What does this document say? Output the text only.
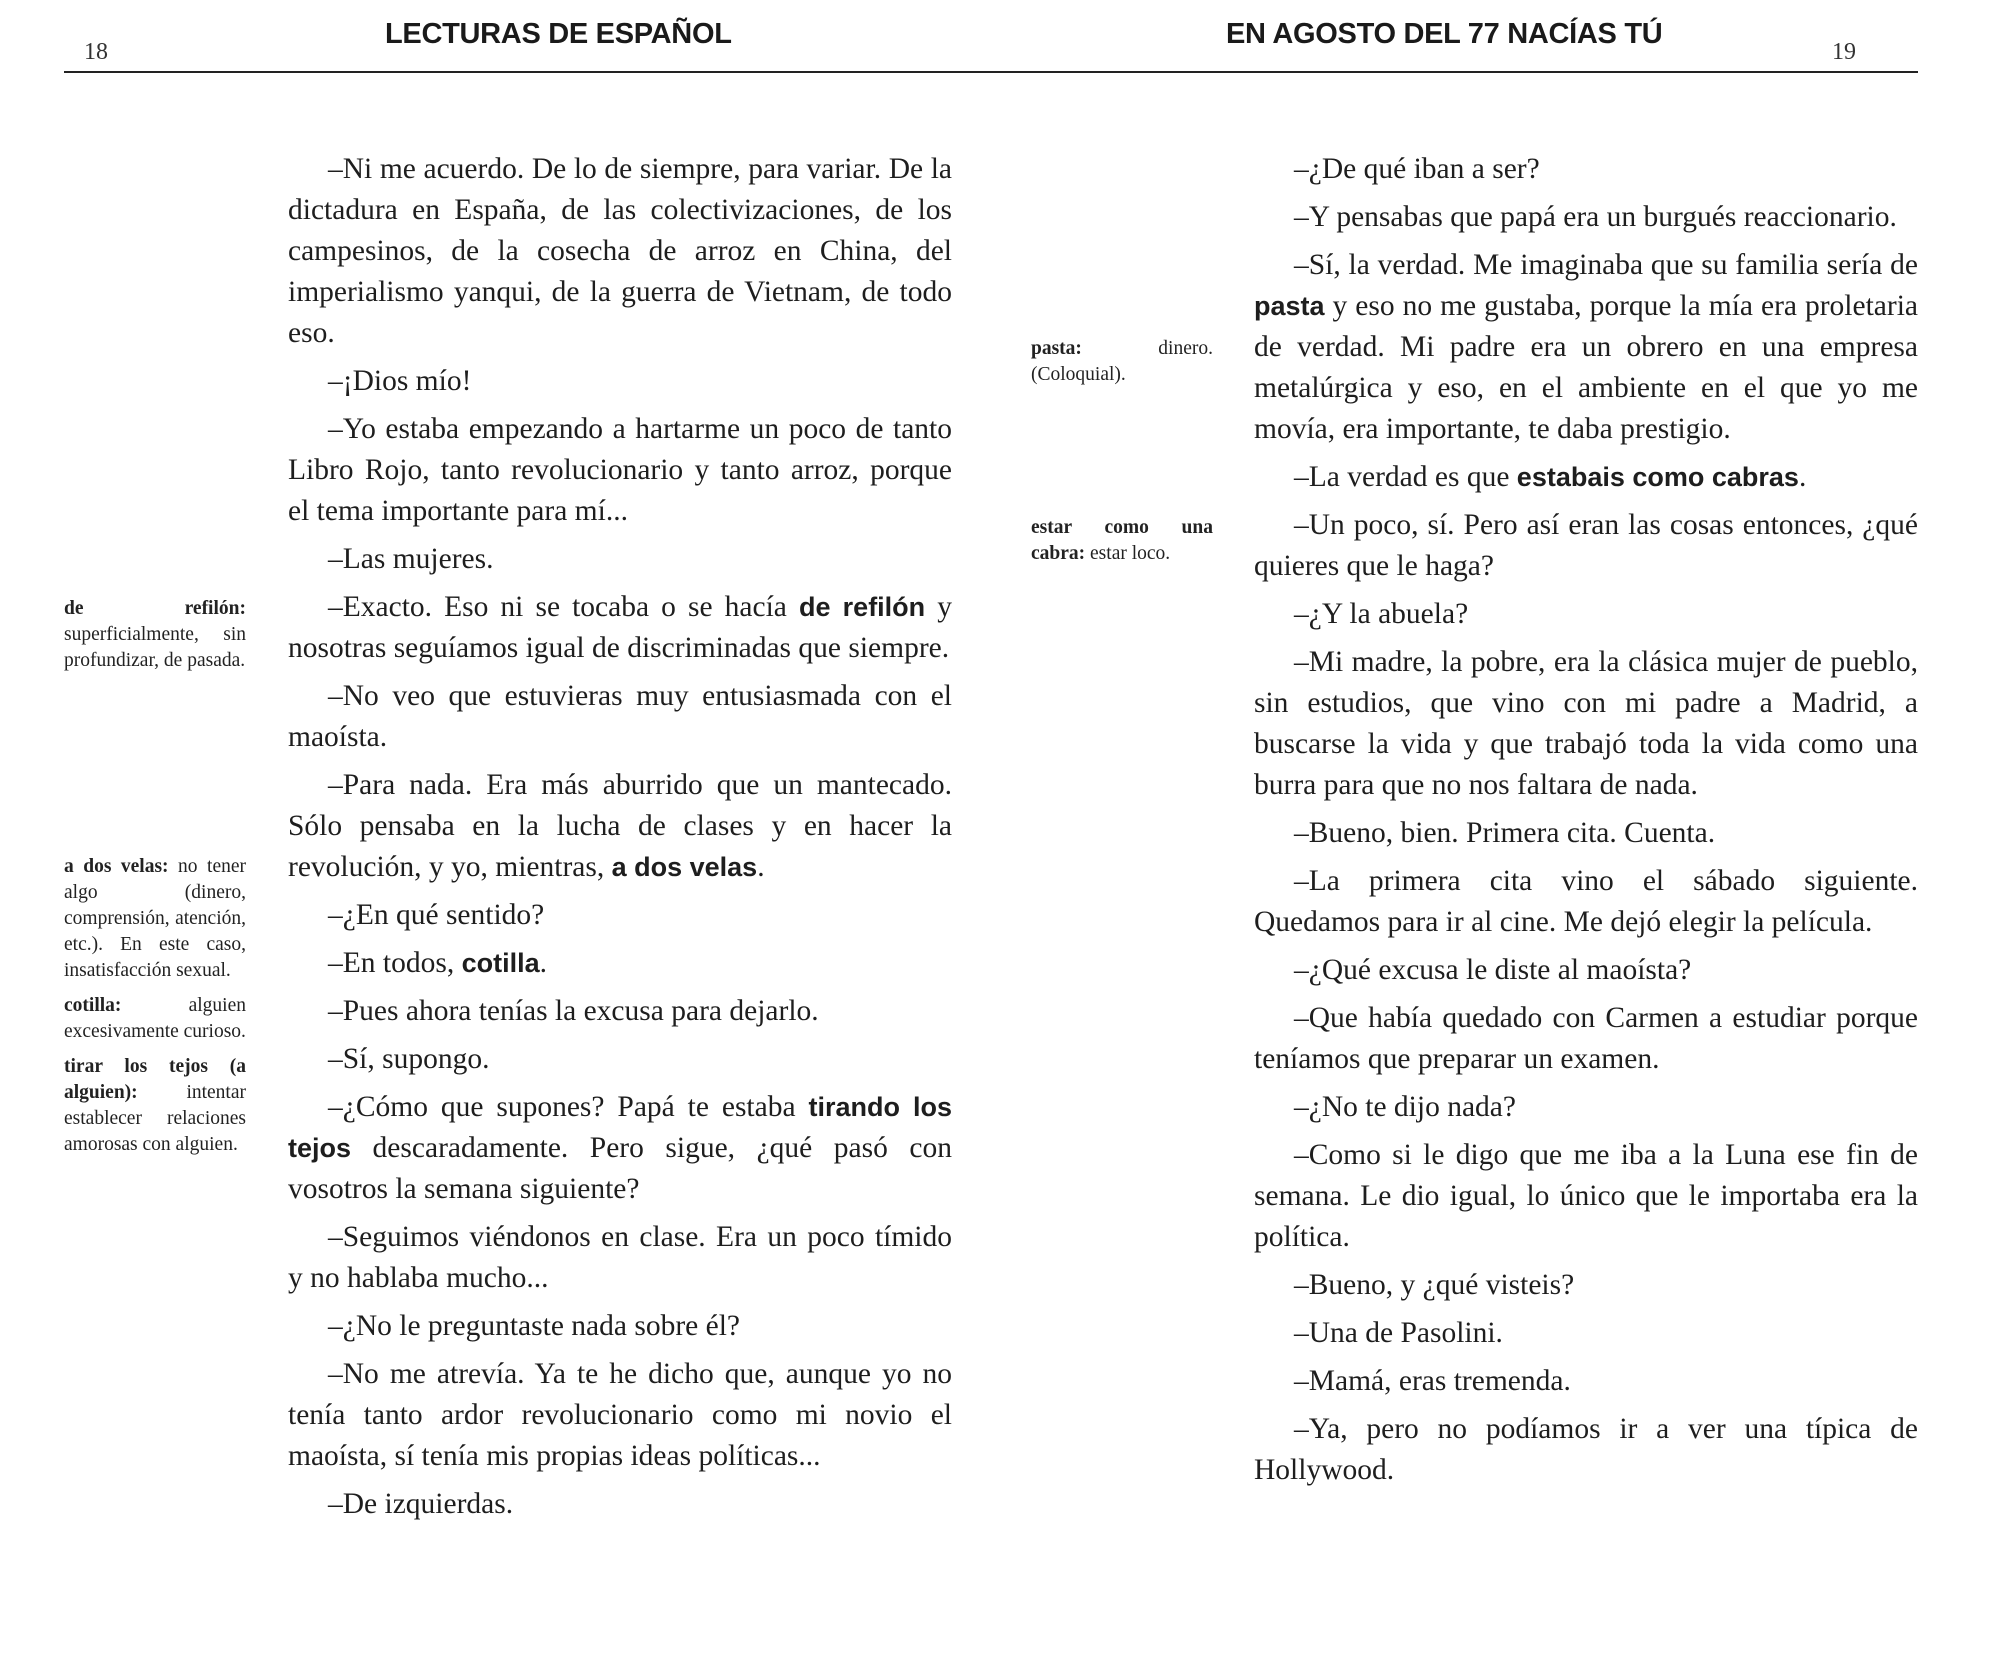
18
LECTURAS DE ESPAÑOL

de refilón: superficialmente, sin profundizar, de pasada.

a dos velas: no tener algo (dinero, comprensión, atención, etc.). En este caso, insatisfacción sexual.

cotilla:	alguien excesivamente curioso.

tirar los tejos (a alguien):	intentar establecer relaciones amorosas con alguien.

–Ni me acuerdo. De lo de siempre, para variar. De la dictadura en España, de las colectivizaciones, de los campesinos, de la cosecha de arroz en China, del imperialismo yanqui, de la guerra de Vietnam, de todo eso.

–¡Dios mío!

–Yo estaba empezando a hartarme un poco de tanto Libro Rojo, tanto revolucionario y tanto arroz, porque el tema importante para mí...

–Las mujeres.

–Exacto. Eso ni se tocaba o se hacía de refilón y nosotras seguíamos igual de discriminadas que siempre.

–No veo que estuvieras muy entusiasmada con el maoísta.

–Para nada. Era más aburrido que un mantecado. Sólo pensaba en la lucha de clases y en hacer la revolución, y yo, mientras, a dos velas.

–¿En qué sentido?

–En todos, cotilla.

–Pues ahora tenías la excusa para dejarlo.

–Sí, supongo.

–¿Cómo que supones? Papá te estaba tirando los tejos descaradamente. Pero sigue, ¿qué pasó con vosotros la semana siguiente?

–Seguimos viéndonos en clase. Era un poco tímido y no hablaba mucho...

–¿No le preguntaste nada sobre él?

–No me atrevía. Ya te he dicho que, aunque yo no tenía tanto ardor revolucionario como mi novio el maoísta, sí tenía mis propias ideas políticas...

–De izquierdas.

19
EN AGOSTO DEL 77 NACÍAS TÚ

pasta:	dinero. (Coloquial).

estar como una cabra: estar loco.

–¿De qué iban a ser?

–Y pensabas que papá era un burgués reaccionario.

–Sí, la verdad. Me imaginaba que su familia sería de pasta y eso no me gustaba, porque la mía era proletaria de verdad. Mi padre era un obrero en una empresa metalúrgica y eso, en el ambiente en el que yo me movía, era importante, te daba prestigio.

–La verdad es que estabais como cabras.

–Un poco, sí. Pero así eran las cosas entonces, ¿qué quieres que le haga?

–¿Y la abuela?

–Mi madre, la pobre, era la clásica mujer de pueblo, sin estudios, que vino con mi padre a Madrid, a buscarse la vida y que trabajó toda la vida como una burra para que no nos faltara de nada.

–Bueno, bien. Primera cita. Cuenta.

–La primera cita vino el sábado siguiente. Quedamos para ir al cine. Me dejó elegir la película.

–¿Qué excusa le diste al maoísta?

–Que había quedado con Carmen a estudiar porque teníamos que preparar un examen.

–¿No te dijo nada?

–Como si le digo que me iba a la Luna ese fin de semana. Le dio igual, lo único que le importaba era la política.

–Bueno, y ¿qué visteis?

–Una de Pasolini.

–Mamá, eras tremenda.

–Ya, pero no podíamos ir a ver una típica de Hollywood.
